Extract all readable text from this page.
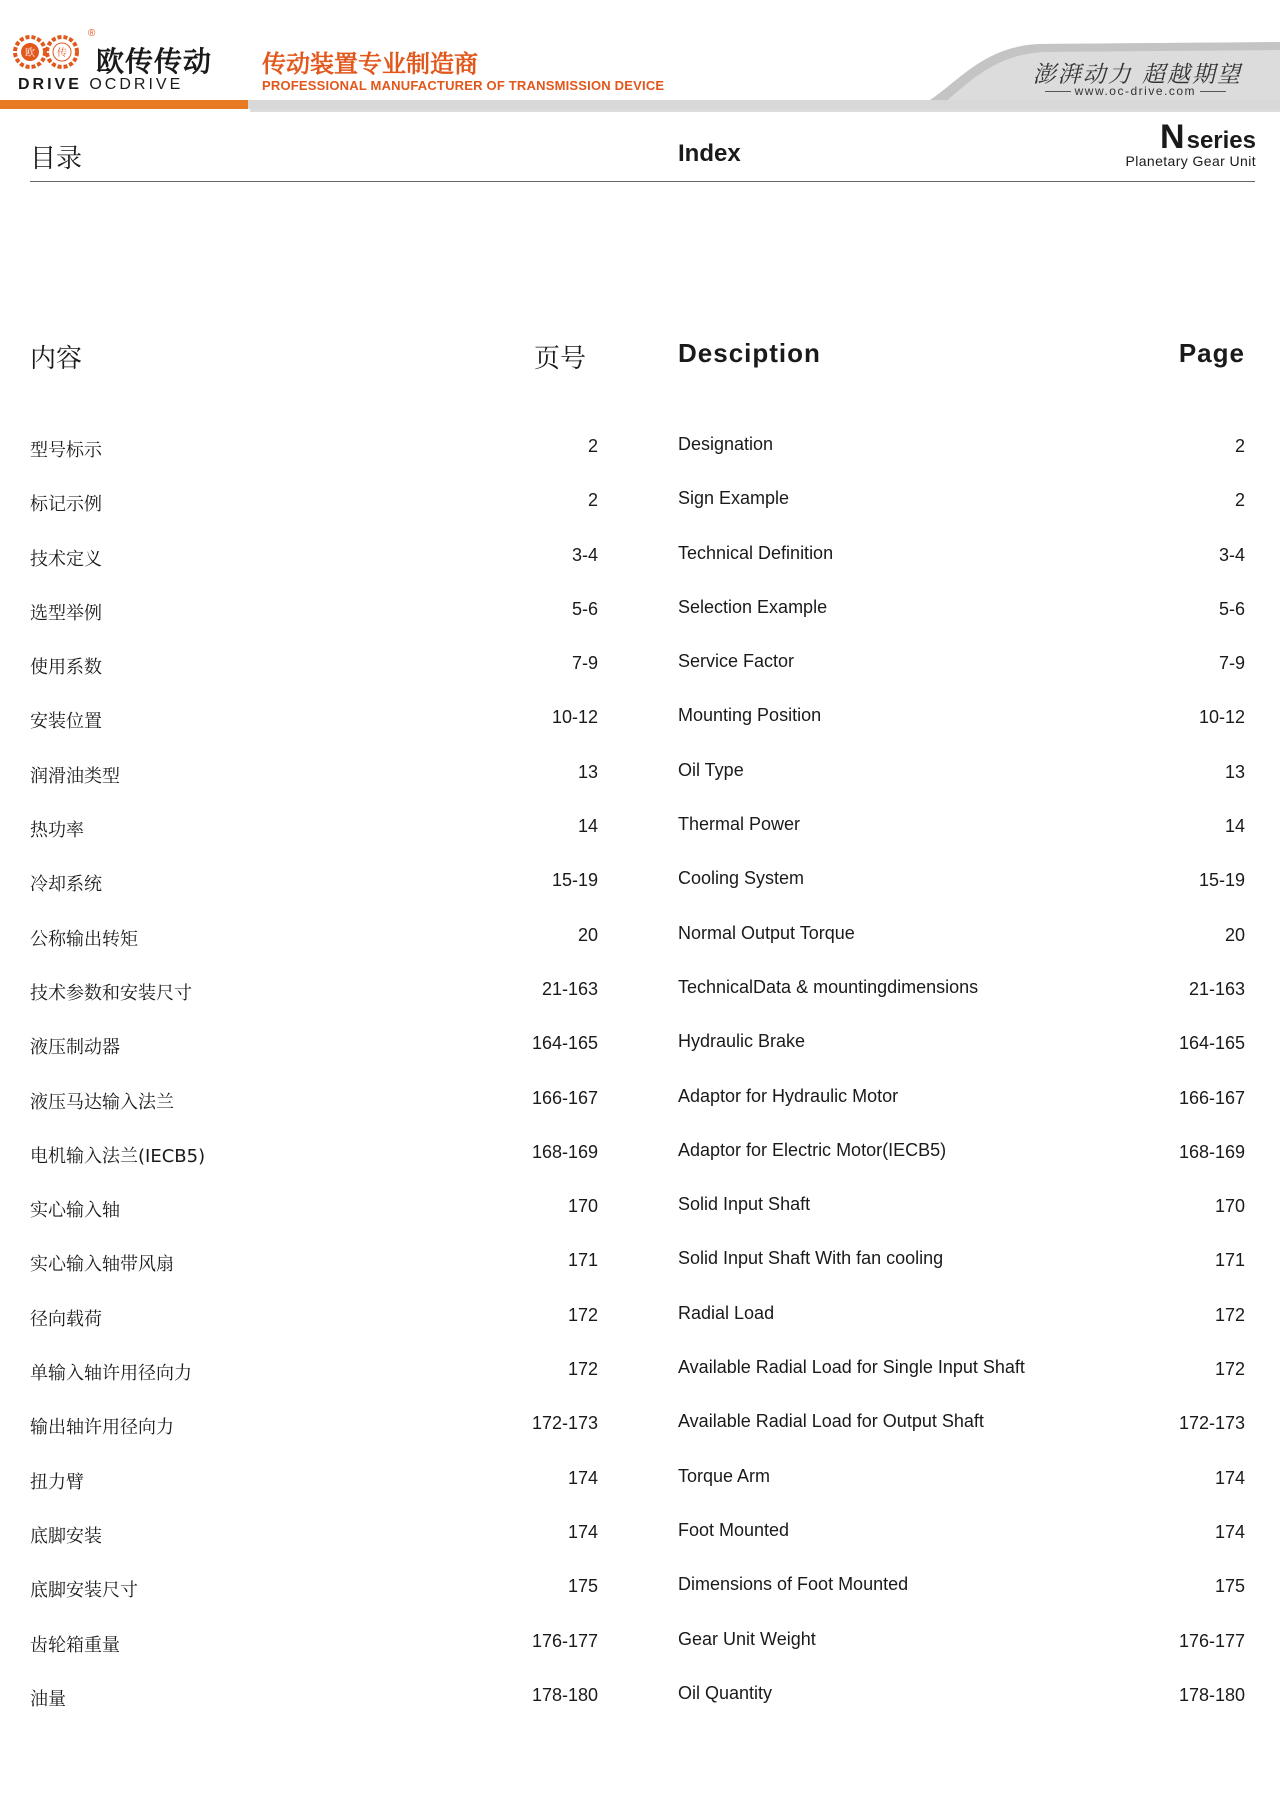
欧 传
®
欧传传动
DRIVE OCDRIVE
传动装置专业制造商
PROFESSIONAL MANUFACTURER OF TRANSMISSION DEVICE	澎湃动力 超越期望
www.oc-drive.com
目录	Index	Nseries
Planetary Gear Unit
内容	页号	Desciption	Page
型号标示	2	Designation	2
标记示例	2	Sign Example	2
技术定义	3-4	Technical Definition	3-4
选型举例	5-6	Selection Example	5-6
使用系数	7-9	Service Factor	7-9
安装位置	10-12	Mounting Position	10-12
润滑油类型	13	Oil Type	13
热功率	14	Thermal Power	14
冷却系统	15-19	Cooling System	15-19
公称输出转矩	20	Normal Output Torque	20
技术参数和安装尺寸	21-163	TechnicalData & mountingdimensions	21-163
液压制动器	164-165	Hydraulic Brake	164-165
液压马达输入法兰	166-167	Adaptor for Hydraulic Motor	166-167
电机输入法兰(IECB5)	168-169	Adaptor for Electric Motor(IECB5)	168-169
实心输入轴	170	Solid Input Shaft	170
实心输入轴带风扇	171	Solid Input Shaft With fan cooling	171
径向载荷	172	Radial Load	172
单输入轴许用径向力	172	Available Radial Load for Single Input Shaft	172
输出轴许用径向力	172-173	Available Radial Load for Output Shaft	172-173
扭力臂	174	Torque Arm	174
底脚安装	174	Foot Mounted	174
底脚安装尺寸	175	Dimensions of Foot Mounted	175
齿轮箱重量	176-177	Gear Unit Weight	176-177
油量	178-180	Oil Quantity	178-180
